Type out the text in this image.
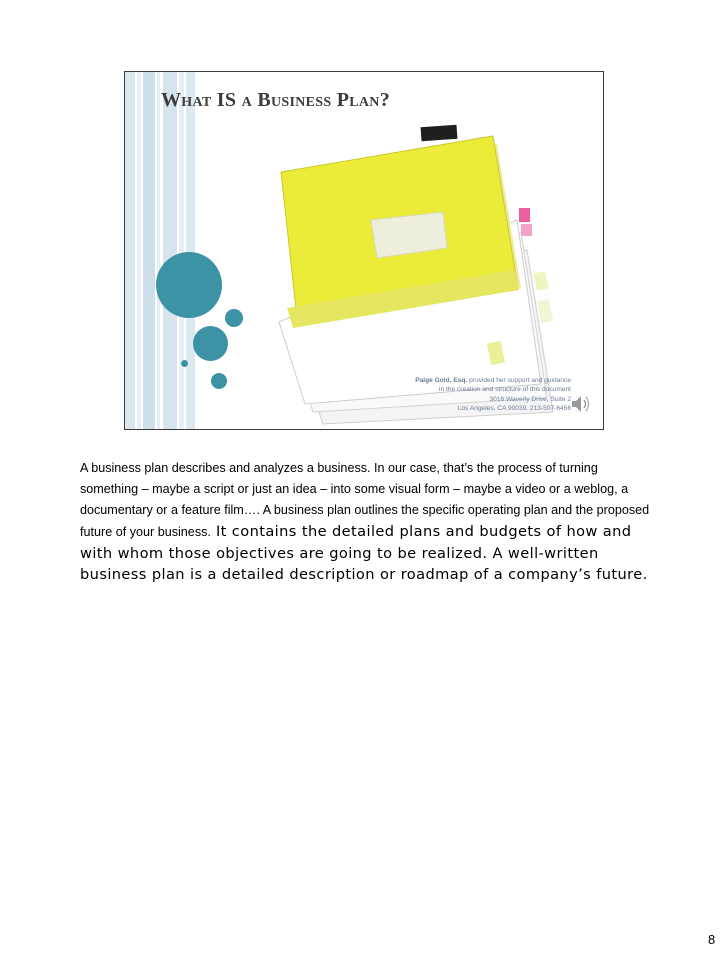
What IS a Business Plan?
Paige Gold, Esq. provided her support and guidance
in the creation and structure of this document
3016 Waverly Drive, Suite 2
Los Angeles, CA 90039. 213-507-6456
A business plan describes and analyzes a business. In our case, that’s the process of turning something – maybe a script or just an idea – into some visual form – maybe a video or a weblog, a documentary or a feature film…. A business plan outlines the specific operating plan and the proposed future of your business. It contains the detailed plans and budgets of how and with whom those objectives are going to be realized. A well-written business plan is a detailed description or roadmap of a company’s future.
8
